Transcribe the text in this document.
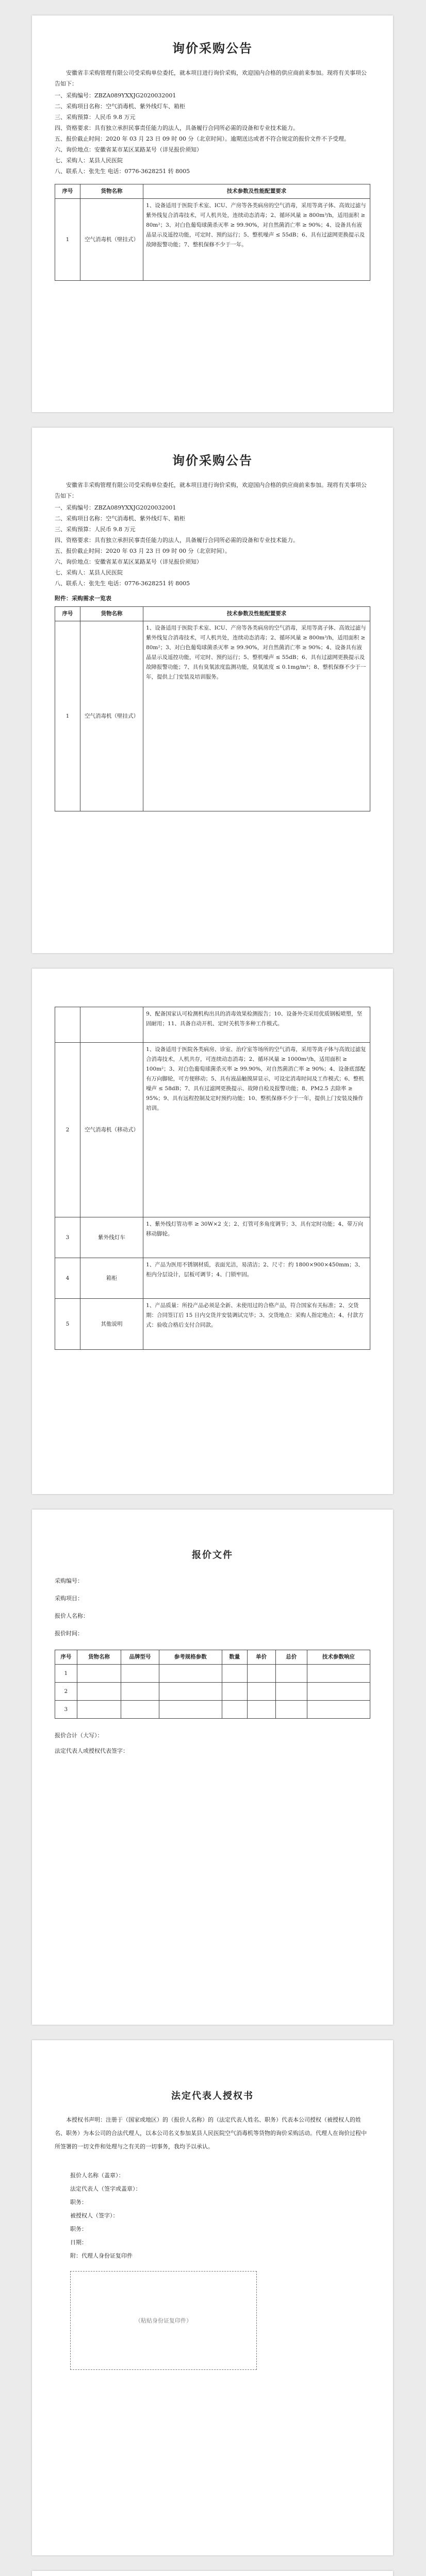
询价采购公告

安徽省丰采购管理有限公司受采购单位委托，就本项目进行询价采购，欢迎国内合格的供应商前来参加。现将有关事项公告如下：

一、采购编号：ZBZA089YXXJG2020032001

二、采购项目名称：空气消毒机、紫外线灯车、箱柜

三、采购预算：人民币 9.8 万元

四、资格要求：具有独立承担民事责任能力的法人，具备履行合同所必需的设备和专业技术能力。

五、报价截止时间：2020 年 03 月 23 日 09 时 00 分（北京时间）。逾期送达或者不符合规定的报价文件不予受理。

六、询价地点：安徽省某市某区某路某号（详见报价须知）

七、采购人：某县人民医院

八、联系人：张先生 电话：0776-3628251 转 8005

序号	货物名称	技术参数及性能配置要求
1	空气消毒机（壁挂式）	1、设备适用于医院手术室、ICU、产房等各类病房的空气消毒，采用等离子体、高效过滤与紫外线复合消毒技术，可人机共处，连续动态消毒；2、循环风量 ≥ 800m³/h，适用面积 ≥ 80m²；3、对白色葡萄球菌杀灭率 ≥ 99.90%，对自然菌消亡率 ≥ 90%；4、设备具有液晶显示及遥控功能，可定时、预约运行；5、整机噪声 ≤ 55dB；6、具有过滤网更换提示及故障报警功能；7、整机保修不少于一年。
询价采购公告

安徽省丰采购管理有限公司受采购单位委托，就本项目进行询价采购，欢迎国内合格的供应商前来参加。现将有关事项公告如下：

一、采购编号：ZBZA089YXXJG2020032001

二、采购项目名称：空气消毒机、紫外线灯车、箱柜

三、采购预算：人民币 9.8 万元

四、资格要求：具有独立承担民事责任能力的法人，具备履行合同所必需的设备和专业技术能力。

五、报价截止时间：2020 年 03 月 23 日 09 时 00 分（北京时间）。

六、询价地点：安徽省某市某区某路某号（详见报价须知）

七、采购人：某县人民医院

八、联系人：张先生 电话：0776-3628251 转 8005

附件：采购需求一览表

序号	货物名称	技术参数及性能配置要求
1	空气消毒机（壁挂式）	1、设备适用于医院手术室、ICU、产房等各类病房的空气消毒，采用等离子体、高效过滤与紫外线复合消毒技术，可人机共处，连续动态消毒；2、循环风量 ≥ 800m³/h，适用面积 ≥ 80m²；3、对白色葡萄球菌杀灭率 ≥ 99.90%，对自然菌消亡率 ≥ 90%；4、设备具有液晶显示及遥控功能，可定时、预约运行；5、整机噪声 ≤ 55dB；6、具有过滤网更换提示及故障报警功能；7、具有臭氧浓度监测功能，臭氧浓度 ≤ 0.1mg/m³；8、整机保修不少于一年，提供上门安装及培训服务。
		9、配备国家认可检测机构出具的消毒效果检测报告；10、设备外壳采用优质钢板喷塑，坚固耐用；11、具备自动开机、定时关机等多种工作模式。
2	空气消毒机（移动式）	1、设备适用于医院各类病房、诊室、治疗室等场所的空气消毒，采用等离子体与高效过滤复合消毒技术，人机共存，可连续动态消毒；2、循环风量 ≥ 1000m³/h，适用面积 ≥ 100m²；3、对白色葡萄球菌杀灭率 ≥ 99.90%，对自然菌消亡率 ≥ 90%；4、设备底部配有万向脚轮，可方便移动；5、具有液晶触摸屏显示，可设定消毒时间及工作模式；6、整机噪声 ≤ 58dB；7、具有过滤网更换提示、故障自检及报警功能；8、PM2.5 去除率 ≥ 95%；9、具有远程控制及定时预约功能；10、整机保修不少于一年，提供上门安装及操作培训。
3	紫外线灯车	1、紫外线灯管功率 ≥ 30W×2 支；2、灯管可多角度调节；3、具有定时功能；4、带万向移动脚轮。
4	箱柜	1、产品为医用不锈钢材质，表面光洁，易清洁；2、尺寸：约 1800×900×450mm；3、柜内分层设计，层板可调节；4、门锁牢固。
5	其他说明	1、产品质量：所投产品必须是全新、未使用过的合格产品，符合国家有关标准；2、交货期：合同签订后 15 日内交货并安装调试完毕；3、交货地点：采购人指定地点；4、付款方式：验收合格后支付合同款。
报价文件

采购编号：

采购项目：

报价人名称：

报价时间：

序号	货物名称	品牌型号	参考规格参数	数量	单价	总价	技术参数响应
1							
2							
3							

报价合计（大写）：

法定代表人或授权代表签字：

法定代表人授权书

本授权书声明：注册于（国家或地区）的（报价人名称）的（法定代表人姓名、职务）代表本公司授权（被授权人的姓名、职务）为本公司的合法代理人，以本公司名义参加某县人民医院空气消毒机等货物的询价采购活动。代理人在询价过程中所签署的一切文件和处理与之有关的一切事务，我均予以承认。

报价人名称（盖章）：

法定代表人（签字或盖章）：

职务：

被授权人（签字）：

职务：

日期：

附：代理人身份证复印件

（粘贴身份证复印件）
